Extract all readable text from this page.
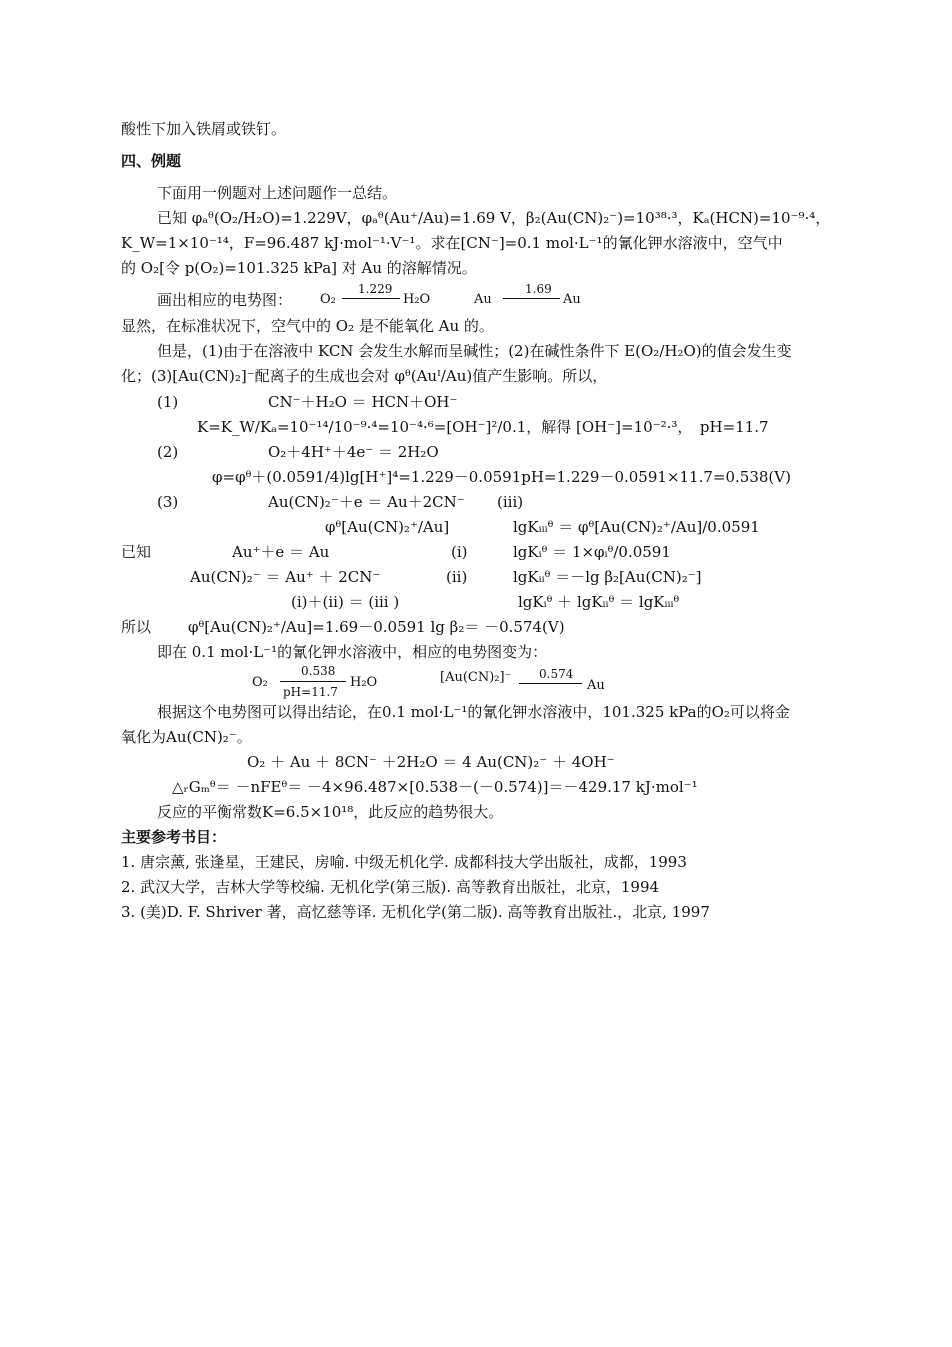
酸性下加入铁屑或铁钉。
四、例题
下面用一例题对上述问题作一总结。
已知 φₐᶿ(O₂/H₂O)=1.229V，φₐᶿ(Au⁺/Au)=1.69 V，β₂(Au(CN)₂⁻)=10³⁸·³，Kₐ(HCN)=10⁻⁹·⁴，
K_W=1×10⁻¹⁴，F=96.487 kJ·mol⁻¹·V⁻¹。求在[CN⁻]=0.1 mol·L⁻¹的氰化钾水溶液中，空气中
的 O₂[令 p(O₂)=101.325 kPa] 对 Au 的溶解情况。
画出相应的电势图： O₂
1.229
H₂O	Au
1.69
Au
显然，在标准状况下，空气中的 O₂ 是不能氧化 Au 的。
但是，(1)由于在溶液中 KCN 会发生水解而呈碱性；(2)在碱性条件下 E(O₂/H₂O)的值会发生变
化；(3)[Au(CN)₂]⁻配离子的生成也会对 φᶿ(Auᴵ/Au)值产生影响。所以，
(1)	CN⁻＋H₂O ＝ HCN＋OH⁻
K=K_W/Kₐ=10⁻¹⁴/10⁻⁹·⁴=10⁻⁴·⁶=[OH⁻]²/0.1，解得 [OH⁻]=10⁻²·³，　pH=11.7
(2)	O₂＋4H⁺＋4e⁻ ＝ 2H₂O
φ=φᶿ＋(0.0591/4)lg[H⁺]⁴=1.229－0.0591pH=1.229－0.0591×11.7=0.538(V)
(3)	Au(CN)₂⁻＋e ＝ Au＋2CN⁻ (iii)
φᶿ[Au(CN)₂⁺/Au]	lgKᵢᵢᵢᶿ ＝ φᶿ[Au(CN)₂⁺/Au]/0.0591
已知	Au⁺＋e ＝ Au	(i)	lgKᵢᶿ ＝ 1×φᵢᶿ/0.0591
Au(CN)₂⁻ ＝ Au⁺ ＋ 2CN⁻	(ii)	lgKᵢᵢᶿ ＝－lg β₂[Au(CN)₂⁻]
(i)＋(ii) ＝ (iii )	lgKᵢᶿ ＋ lgKᵢᵢᶿ ＝ lgKᵢᵢᵢᶿ
所以 φᶿ[Au(CN)₂⁺/Au]=1.69－0.0591 lg β₂＝ －0.574(V)
即在 0.1 mol·L⁻¹的氰化钾水溶液中，相应的电势图变为：
O₂
0.538
pH=11.7
H₂O	[Au(CN)₂]⁻ 0.574
Au
根据这个电势图可以得出结论，在0.1 mol·L⁻¹的氰化钾水溶液中，101.325 kPa的O₂可以将金
氧化为Au(CN)₂⁻。
O₂ ＋ Au ＋ 8CN⁻ ＋2H₂O ＝ 4 Au(CN)₂⁻ ＋ 4OH⁻
△ᵣGₘᶿ＝ －nFEᶿ＝ －4×96.487×[0.538－(－0.574)]＝－429.17 kJ·mol⁻¹
反应的平衡常数K=6.5×10¹⁸，此反应的趋势很大。
主要参考书目：
1. 唐宗薰, 张逢星，王建民，房喻. 中级无机化学. 成都科技大学出版社，成都，1993
2. 武汉大学，吉林大学等校编. 无机化学(第三版). 高等教育出版社，北京，1994
3. (美)D. F. Shriver 著，高忆慈等译. 无机化学(第二版). 高等教育出版社.，北京, 1997
